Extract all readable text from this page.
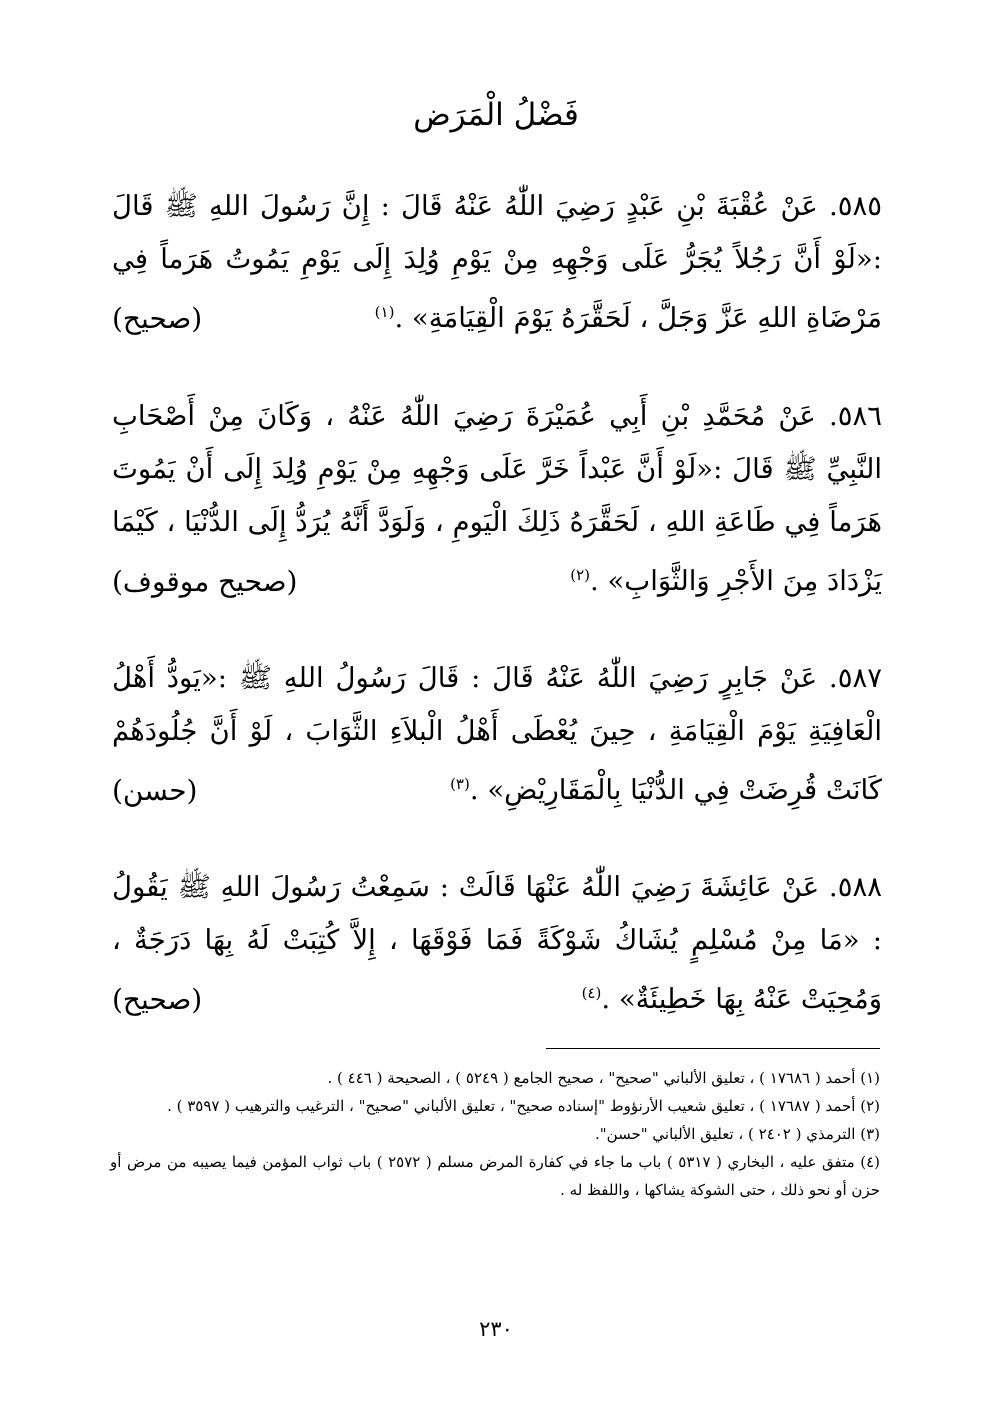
فَضْلُ الْمَرَض
٥٨٥. عَنْ عُقْبَةَ بْنِ عَبْدٍ رَضِيَ اللّٰهُ عَنْهُ قَالَ : إِنَّ رَسُولَ اللهِ ﷺ قَالَ :«لَوْ أَنَّ رَجُلاً يُجَرُّ عَلَى وَجْهِهِ مِنْ يَوْمِ وُلِدَ إِلَى يَوْمِ يَمُوتُ هَرَماً فِي مَرْضَاةِ اللهِ عَزَّ وَجَلَّ ، لَحَقَّرَهُ يَوْمَ الْقِيَامَةِ» .$^{(١)}$
(صحيح)
٥٨٦. عَنْ مُحَمَّدِ بْنِ أَبِي عُمَيْرَةَ رَضِيَ اللّٰهُ عَنْهُ ، وَكَانَ مِنْ أَصْحَابِ النَّبِيِّ ﷺ قَالَ :«لَوْ أَنَّ عَبْداً خَرَّ عَلَى وَجْهِهِ مِنْ يَوْمِ وُلِدَ إِلَى أَنْ يَمُوتَ هَرَماً فِي طَاعَةِ اللهِ ، لَحَقَّرَهُ ذَلِكَ الْيَومِ ، وَلَوَدَّ أَنَّهُ يُرَدُّ إِلَى الدُّنْيَا ، كَيْمَا يَزْدَادَ مِنَ الأَجْرِ وَالثَّوَابِ» .$^{(٢)}$
(صحيح موقوف)
٥٨٧. عَنْ جَابِرٍ رَضِيَ اللّٰهُ عَنْهُ قَالَ : قَالَ رَسُولُ اللهِ ﷺ :«يَودُّ أَهْلُ الْعَافِيَةِ يَوْمَ الْقِيَامَةِ ، حِينَ يُعْطَى أَهْلُ الْبلاَءِ الثَّوَابَ ، لَوْ أَنَّ جُلُودَهُمْ كَانَتْ قُرِضَتْ فِي الدُّنْيَا بِالْمَقَارِيْضِ» .$^{(٣)}$
(حسن)
٥٨٨. عَنْ عَائِشَةَ رَضِيَ اللّٰهُ عَنْهَا قَالَتْ : سَمِعْتُ رَسُولَ اللهِ ﷺ يَقُولُ : «مَا مِنْ مُسْلِمٍ يُشَاكُ شَوْكَةً فَمَا فَوْقَهَا ، إِلاَّ كُتِبَتْ لَهُ بِهَا دَرَجَةٌ ، وَمُحِيَتْ عَنْهُ بِهَا خَطِيئَةٌ» .$^{(٤)}$
(صحيح)
(١) أحمد ( ١٧٦٨٦ ) ، تعليق الألباني "صحيح" ، صحيح الجامع ( ٥٢٤٩ ) ، الصحيحة ( ٤٤٦ ) .
(٢) أحمد ( ١٧٦٨٧ ) ، تعليق شعيب الأرنؤوط "إسناده صحيح" ، تعليق الألباني "صحيح" ، الترغيب والترهيب ( ٣٥٩٧ ) .
(٣) الترمذي ( ٢٤٠٢ ) ، تعليق الألباني "حسن".
(٤) متفق عليه ، البخاري ( ٥٣١٧ ) باب ما جاء في كفارة المرض مسلم ( ٢٥٧٢ ) باب ثواب المؤمن فيما يصيبه من مرض أو حزن أو نحو ذلك ، حتى الشوكة يشاكها ، واللفظ له .
٢٣٠
